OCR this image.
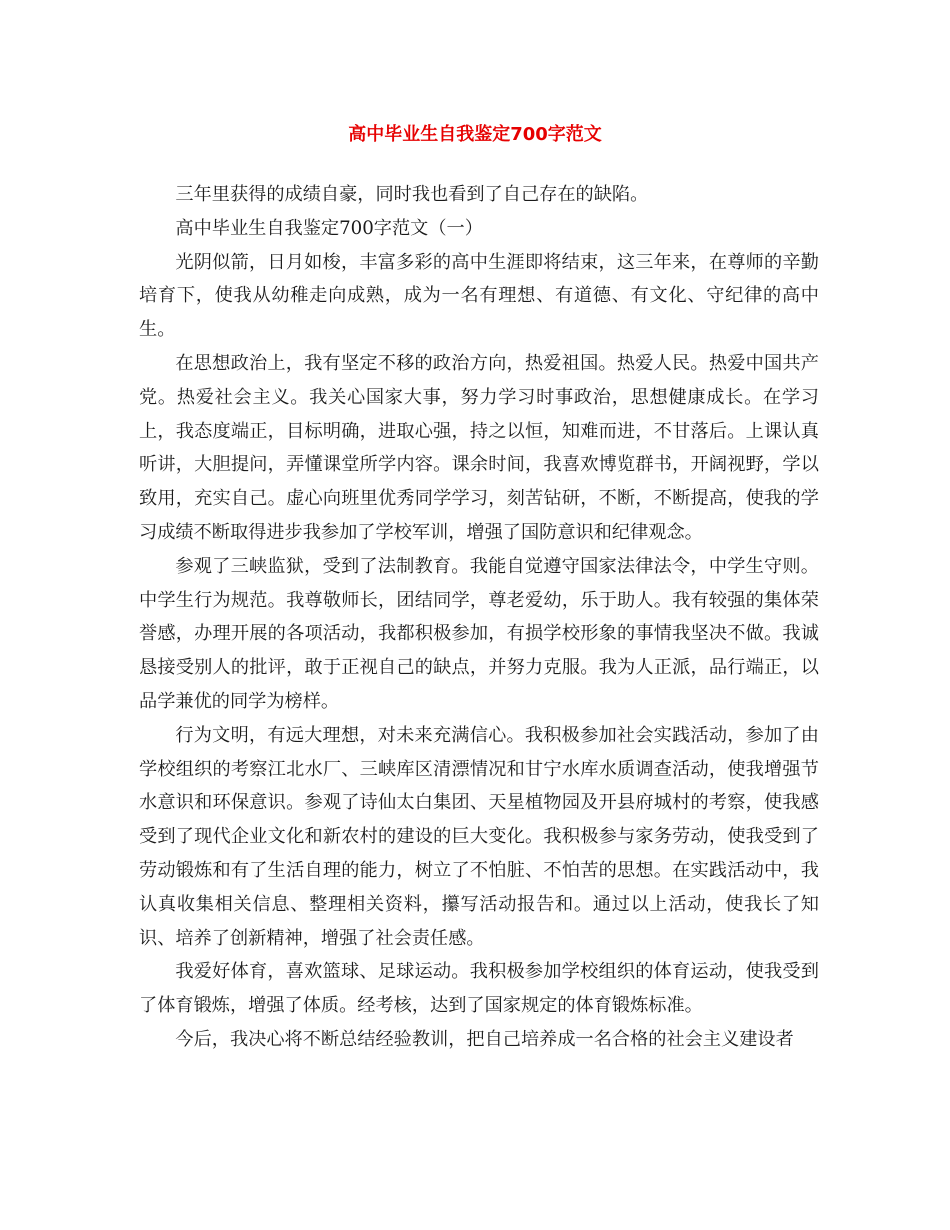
高中毕业生自我鉴定700字范文

三年里获得的成绩自豪，同时我也看到了自己存在的缺陷。

高中毕业生自我鉴定700字范文（一）

光阴似箭，日月如梭，丰富多彩的高中生涯即将结束，这三年来，在尊师的辛勤培育下，使我从幼稚走向成熟，成为一名有理想、有道德、有文化、守纪律的高中生。

在思想政治上，我有坚定不移的政治方向，热爱祖国。热爱人民。热爱中国共产党。热爱社会主义。我关心国家大事，努力学习时事政治，思想健康成长。在学习上，我态度端正，目标明确，进取心强，持之以恒，知难而进，不甘落后。上课认真听讲，大胆提问，弄懂课堂所学内容。课余时间，我喜欢博览群书，开阔视野，学以致用，充实自己。虚心向班里优秀同学学习，刻苦钻研，不断，不断提高，使我的学习成绩不断取得进步我参加了学校军训，增强了国防意识和纪律观念。

参观了三峡监狱，受到了法制教育。我能自觉遵守国家法律法令，中学生守则。中学生行为规范。我尊敬师长，团结同学，尊老爱幼，乐于助人。我有较强的集体荣誉感，办理开展的各项活动，我都积极参加，有损学校形象的事情我坚决不做。我诚恳接受别人的批评，敢于正视自己的缺点，并努力克服。我为人正派，品行端正，以品学兼优的同学为榜样。

行为文明，有远大理想，对未来充满信心。我积极参加社会实践活动，参加了由学校组织的考察江北水厂、三峡库区清漂情况和甘宁水库水质调查活动，使我增强节水意识和环保意识。参观了诗仙太白集团、天星植物园及开县府城村的考察，使我感受到了现代企业文化和新农村的建设的巨大变化。我积极参与家务劳动，使我受到了劳动锻炼和有了生活自理的能力，树立了不怕脏、不怕苦的思想。在实践活动中，我认真收集相关信息、整理相关资料，攥写活动报告和。通过以上活动，使我长了知识、培养了创新精神，增强了社会责任感。

我爱好体育，喜欢篮球、足球运动。我积极参加学校组织的体育运动，使我受到了体育锻炼，增强了体质。经考核，达到了国家规定的体育锻炼标准。

今后，我决心将不断总结经验教训，把自己培养成一名合格的社会主义建设者
